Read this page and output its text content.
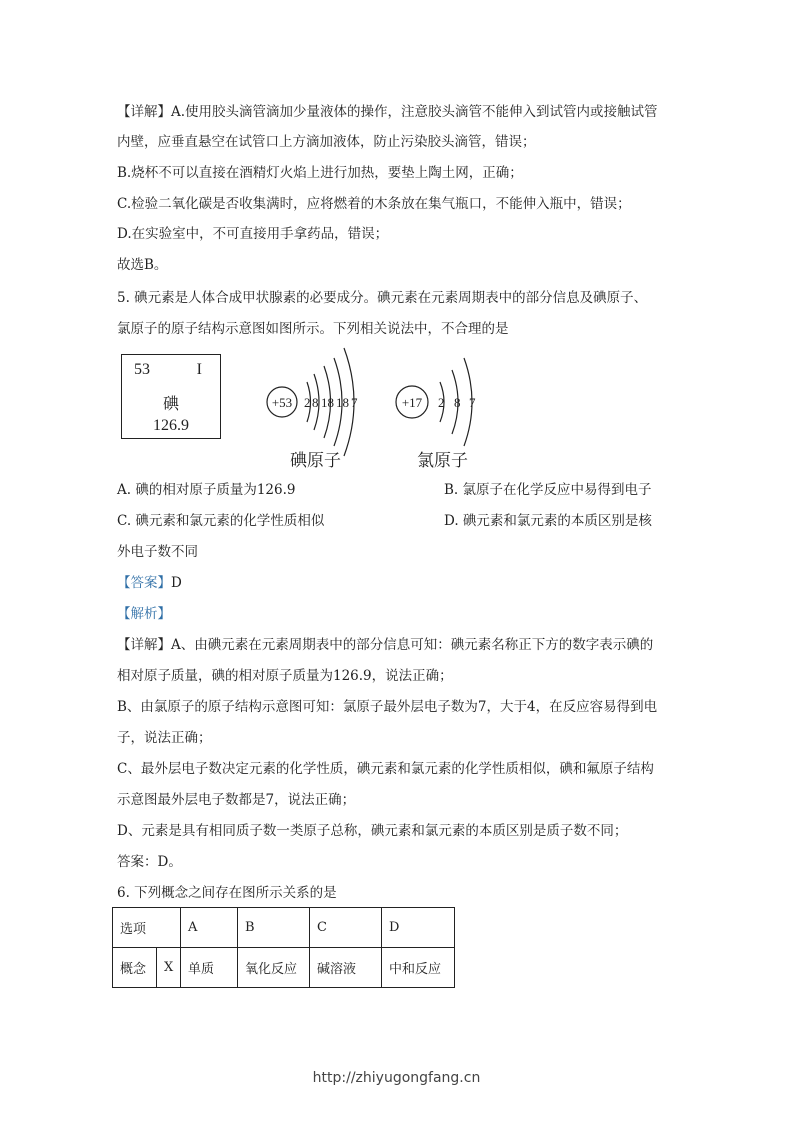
【详解】A.使用胶头滴管滴加少量液体的操作，注意胶头滴管不能伸入到试管内或接触试管
内壁，应垂直悬空在试管口上方滴加液体，防止污染胶头滴管，错误；
B.烧杯不可以直接在酒精灯火焰上进行加热，要垫上陶土网，正确；
C.检验二氧化碳是否收集满时，应将燃着的木条放在集气瓶口，不能伸入瓶中，错误；
D.在实验室中，不可直接用手拿药品，错误；
故选B。
5. 碘元素是人体合成甲状腺素的必要成分。碘元素在元素周期表中的部分信息及碘原子、
氯原子的原子结构示意图如图所示。下列相关说法中，不合理的是
53	I
碘
126.9
+53 2 8 18 18 7
碘原子
+17 2 8 7
氯原子
A. 碘的相对原子质量为126.9	B. 氯原子在化学反应中易得到电子
C. 碘元素和氯元素的化学性质相似	D. 碘元素和氯元素的本质区别是核
外电子数不同
【答案】D
【解析】
【详解】A、由碘元素在元素周期表中的部分信息可知：碘元素名称正下方的数字表示碘的
相对原子质量，碘的相对原子质量为126.9，说法正确；
B、由氯原子的原子结构示意图可知：氯原子最外层电子数为7，大于4，在反应容易得到电
子，说法正确；
C、最外层电子数决定元素的化学性质，碘元素和氯元素的化学性质相似，碘和氟原子结构
示意图最外层电子数都是7，说法正确；
D、元素是具有相同质子数一类原子总称，碘元素和氯元素的本质区别是质子数不同；
答案：D。
6. 下列概念之间存在图所示关系的是
选项		A	B	C	D
概念	X	单质	氧化反应	碱溶液	中和反应
http://zhiyugongfang.cn
